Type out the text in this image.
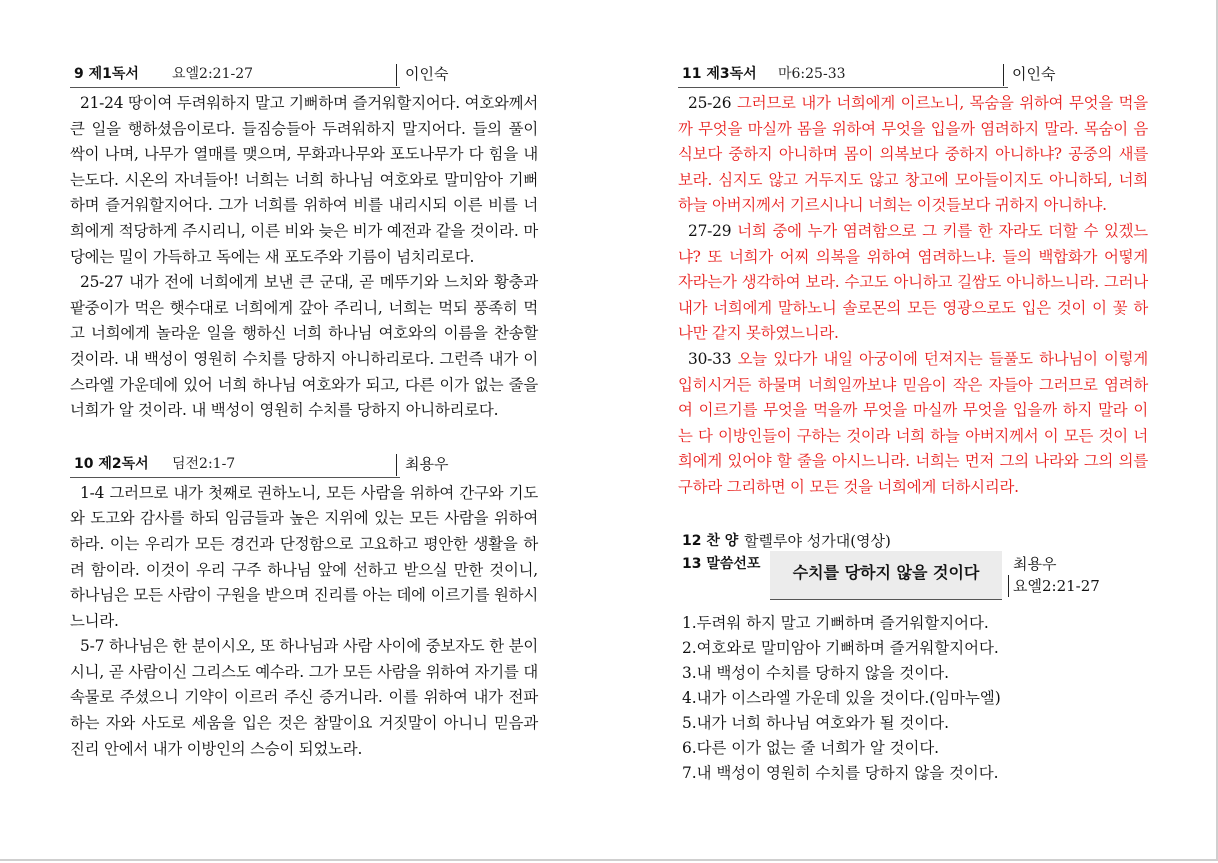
9 제1독서 요엘2:21-27	이인숙

21-24 땅이여 두려워하지 말고 기뻐하며 즐거워할지어다. 여호와께서 큰 일을 행하셨음이로다. 들짐승들아 두려워하지 말지어다. 들의 풀이 싹이 나며, 나무가 열매를 맺으며, 무화과나무와 포도나무가 다 힘을 내는도다. 시온의 자녀들아! 너희는 너희 하나님 여호와로 말미암아 기뻐하며 즐거워할지어다. 그가 너희를 위하여 비를 내리시되 이른 비를 너희에게 적당하게 주시리니, 이른 비와 늦은 비가 예전과 같을 것이라. 마당에는 밀이 가득하고 독에는 새 포도주와 기름이 넘치리로다.

25-27 내가 전에 너희에게 보낸 큰 군대, 곧 메뚜기와 느치와 황충과 팥중이가 먹은 햇수대로 너희에게 갚아 주리니, 너희는 먹되 풍족히 먹고 너희에게 놀라운 일을 행하신 너희 하나님 여호와의 이름을 찬송할 것이라. 내 백성이 영원히 수치를 당하지 아니하리로다. 그런즉 내가 이스라엘 가운데에 있어 너희 하나님 여호와가 되고, 다른 이가 없는 줄을 너희가 알 것이라. 내 백성이 영원히 수치를 당하지 아니하리로다.

10 제2독서 딤전2:1-7	최용우

1-4 그러므로 내가 첫째로 권하노니, 모든 사람을 위하여 간구와 기도와 도고와 감사를 하되 임금들과 높은 지위에 있는 모든 사람을 위하여 하라. 이는 우리가 모든 경건과 단정함으로 고요하고 평안한 생활을 하려 함이라. 이것이 우리 구주 하나님 앞에 선하고 받으실 만한 것이니, 하나님은 모든 사람이 구원을 받으며 진리를 아는 데에 이르기를 원하시느니라.

5-7 하나님은 한 분이시오, 또 하나님과 사람 사이에 중보자도 한 분이시니, 곧 사람이신 그리스도 예수라. 그가 모든 사람을 위하여 자기를 대속물로 주셨으니 기약이 이르러 주신 증거니라. 이를 위하여 내가 전파하는 자와 사도로 세움을 입은 것은 참말이요 거짓말이 아니니 믿음과 진리 안에서 내가 이방인의 스승이 되었노라.

11 제3독서 마6:25-33	이인숙

25-26 그러므로 내가 너희에게 이르노니, 목숨을 위하여 무엇을 먹을까 무엇을 마실까 몸을 위하여 무엇을 입을까 염려하지 말라. 목숨이 음식보다 중하지 아니하며 몸이 의복보다 중하지 아니하냐? 공중의 새를 보라. 심지도 않고 거두지도 않고 창고에 모아들이지도 아니하되, 너희 하늘 아버지께서 기르시나니 너희는 이것들보다 귀하지 아니하냐.

27-29 너희 중에 누가 염려함으로 그 키를 한 자라도 더할 수 있겠느냐? 또 너희가 어찌 의복을 위하여 염려하느냐. 들의 백합화가 어떻게 자라는가 생각하여 보라. 수고도 아니하고 길쌈도 아니하느니라. 그러나 내가 너희에게 말하노니 솔로몬의 모든 영광으로도 입은 것이 이 꽃 하나만 같지 못하였느니라.

30-33 오늘 있다가 내일 아궁이에 던져지는 들풀도 하나님이 이렇게 입히시거든 하물며 너희일까보냐 믿음이 작은 자들아 그러므로 염려하여 이르기를 무엇을 먹을까 무엇을 마실까 무엇을 입을까 하지 말라 이는 다 이방인들이 구하는 것이라 너희 하늘 아버지께서 이 모든 것이 너희에게 있어야 할 줄을 아시느니라. 너희는 먼저 그의 나라와 그의 의를 구하라 그리하면 이 모든 것을 너희에게 더하시리라.

12 찬 양 할렐루야 성가대(영상)
13 말씀선포	수치를 당하지 않을 것이다	최용우
요엘2:21-27
1.두려워 하지 말고 기뻐하며 즐거워할지어다.
2.여호와로 말미암아 기뻐하며 즐거워할지어다.
3.내 백성이 수치를 당하지 않을 것이다.
4.내가 이스라엘 가운데 있을 것이다.(임마누엘)
5.내가 너희 하나님 여호와가 될 것이다.
6.다른 이가 없는 줄 너희가 알 것이다.
7.내 백성이 영원히 수치를 당하지 않을 것이다.
